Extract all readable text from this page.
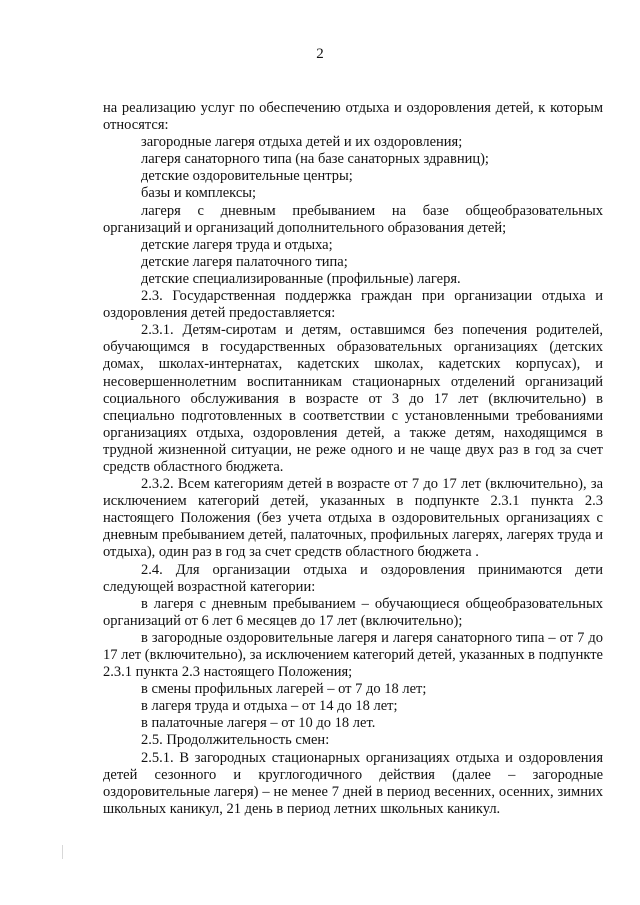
2

на реализацию услуг по обеспечению отдыха и оздоровления детей, к которым относятся:

загородные лагеря отдыха детей и их оздоровления;

лагеря санаторного типа (на базе санаторных здравниц);

детские оздоровительные центры;

базы и комплексы;

лагеря с дневным пребыванием на базе общеобразовательных организаций и организаций дополнительного образования детей;

детские лагеря труда и отдыха;

детские лагеря палаточного типа;

детские специализированные (профильные) лагеря.

2.3. Государственная поддержка граждан при организации отдыха и оздоровления детей предоставляется:

2.3.1. Детям-сиротам и детям, оставшимся без попечения родителей, обучающимся в государственных образовательных организациях (детских домах, школах-интернатах, кадетских школах, кадетских корпусах), и несовершеннолетним воспитанникам стационарных отделений организаций социального обслуживания в возрасте от 3 до 17 лет (включительно) в специально подготовленных в соответствии с установленными требованиями организациях отдыха, оздоровления детей, а также детям, находящимся в трудной жизненной ситуации, не реже одного и не чаще двух раз в год за счет средств областного бюджета.

2.3.2. Всем категориям детей в возрасте от 7 до 17 лет (включительно), за исключением категорий детей, указанных в подпункте 2.3.1 пункта 2.3 настоящего Положения (без учета отдыха в оздоровительных организациях с дневным пребыванием детей, палаточных, профильных лагерях, лагерях труда и отдыха), один раз в год за счет средств областного бюджета .

2.4. Для организации отдыха и оздоровления принимаются дети следующей возрастной категории:

в лагеря с дневным пребыванием – обучающиеся общеобразовательных организаций от 6 лет 6 месяцев до 17 лет (включительно);

в загородные оздоровительные лагеря и лагеря санаторного типа – от 7 до 17 лет (включительно), за исключением категорий детей, указанных в подпункте 2.3.1 пункта 2.3 настоящего Положения;

в смены профильных лагерей – от 7 до 18 лет;

в лагеря труда и отдыха – от 14 до 18 лет;

в палаточные лагеря – от 10 до 18 лет.

2.5. Продолжительность смен:

2.5.1. В загородных стационарных организациях отдыха и оздоровления детей сезонного и круглогодичного действия (далее – загородные оздоровительные лагеря) – не менее 7 дней в период весенних, осенних, зимних школьных каникул, 21 день в период летних школьных каникул.
